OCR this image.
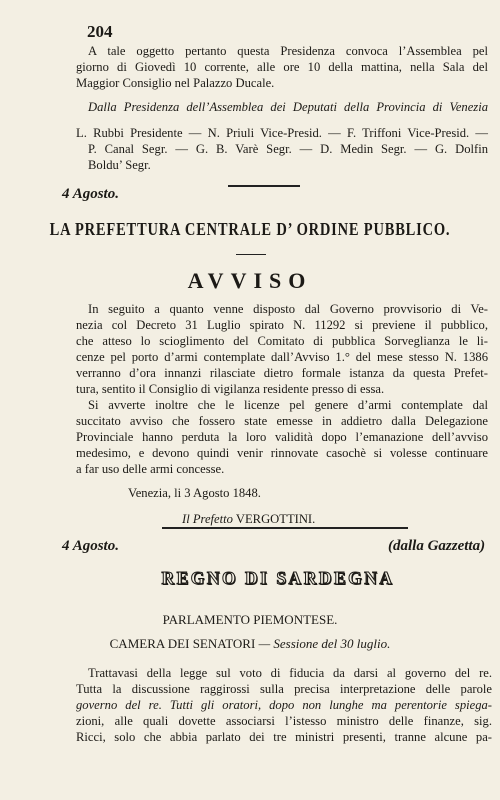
204
A tale oggetto pertanto questa Presidenza convoca l’Assemblea pel
giorno di Giovedì 10 corrente, alle ore 10 della mattina, nella Sala del
Maggior Consiglio nel Palazzo Ducale.
Dalla Presidenza dell’Assemblea dei Deputati della Provincia di Venezia
L. Rubbi Presidente — N. Priuli Vice-Presid. — F. Triffoni Vice-Presid. —
P. Canal Segr. — G. B. Varè Segr. — D. Medin Segr. — G. Dolfin
Boldu’ Segr.
4 Agosto.
LA PREFETTURA CENTRALE D’ ORDINE PUBBLICO.
AVVISO
In seguito a quanto venne disposto dal Governo provvisorio di Ve-
nezia col Decreto 31 Luglio spirato N. 11292 si previene il pubblico,
che atteso lo scioglimento del Comitato di pubblica Sorveglianza le li-
cenze pel porto d’armi contemplate dall’Avviso 1.° del mese stesso N. 1386
verranno d’ora innanzi rilasciate dietro formale istanza da questa Prefet-
tura, sentito il Consiglio di vigilanza residente presso di essa.
Si avverte inoltre che le licenze pel genere d’armi contemplate dal
succitato avviso che fossero state emesse in addietro dalla Delegazione
Provinciale hanno perduta la loro validità dopo l’emanazione dell’avviso
medesimo, e devono quindi venir rinnovate casochè si volesse continuare
a far uso delle armi concesse.
Venezia, li 3 Agosto 1848.
Il Prefetto VERGOTTINI.
4 Agosto.	(dalla Gazzetta)
REGNO DI SARDEGNA
PARLAMENTO PIEMONTESE.
CAMERA DEI SENATORI — Sessione del 30 luglio.
Trattavasi della legge sul voto di fiducia da darsi al governo del re.
Tutta la discussione raggirossi sulla precisa interpretazione delle parole
governo del re. Tutti gli oratori, dopo non lunghe ma perentorie spiega-
zioni, alle quali dovette associarsi l’istesso ministro delle finanze, sig.
Ricci, solo che abbia parlato dei tre ministri presenti, tranne alcune pa-
